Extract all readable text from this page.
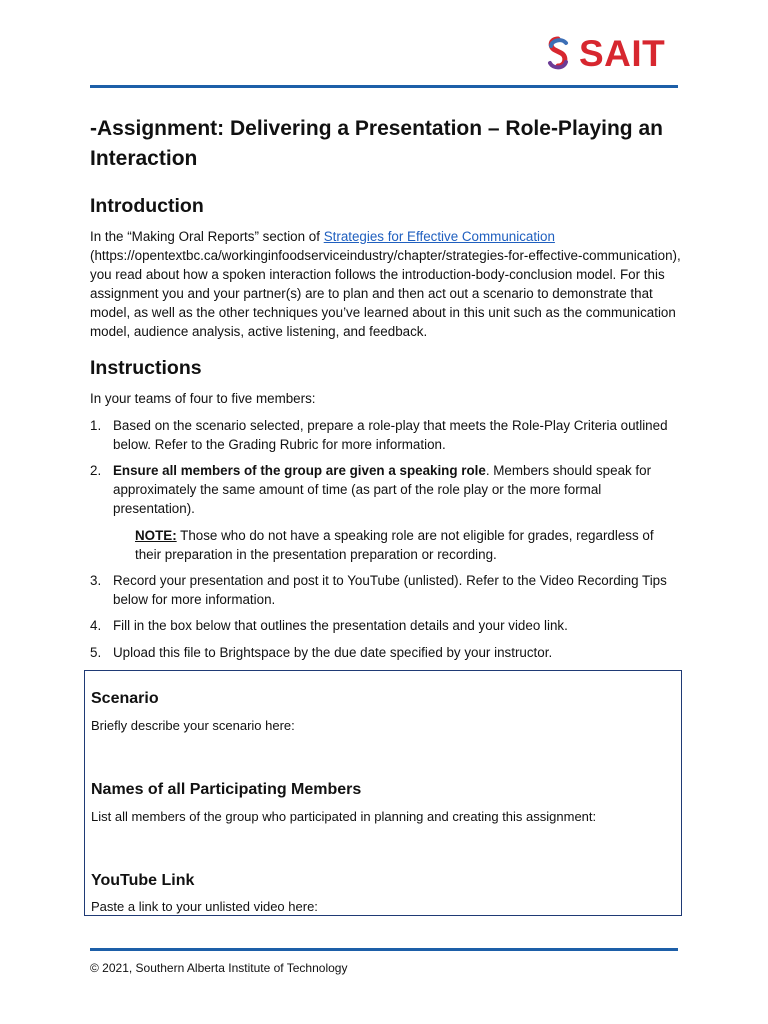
SAIT
-Assignment: Delivering a Presentation – Role-Playing an Interaction
Introduction

In the “Making Oral Reports” section of Strategies for Effective Communication (https://opentextbc.ca/workinginfoodserviceindustry/chapter/strategies-for-effective-communication), you read about how a spoken interaction follows the introduction-body-conclusion model. For this assignment you and your partner(s) are to plan and then act out a scenario to demonstrate that model, as well as the other techniques you’ve learned about in this unit such as the communication model, audience analysis, active listening, and feedback.

Instructions

In your teams of four to five members:

1. Based on the scenario selected, prepare a role-play that meets the Role-Play Criteria outlined below. Refer to the Grading Rubric for more information.
2. Ensure all members of the group are given a speaking role. Members should speak for approximately the same amount of time (as part of the role play or the more formal presentation).
NOTE: Those who do not have a speaking role are not eligible for grades, regardless of their preparation in the presentation preparation or recording.
3. Record your presentation and post it to YouTube (unlisted). Refer to the Video Recording Tips below for more information.
4. Fill in the box below that outlines the presentation details and your video link.
5. Upload this file to Brightspace by the due date specified by your instructor.
Scenario

Briefly describe your scenario here:

Names of all Participating Members

List all members of the group who participated in planning and creating this assignment:

YouTube Link

Paste a link to your unlisted video here:

© 2021, Southern Alberta Institute of Technology
